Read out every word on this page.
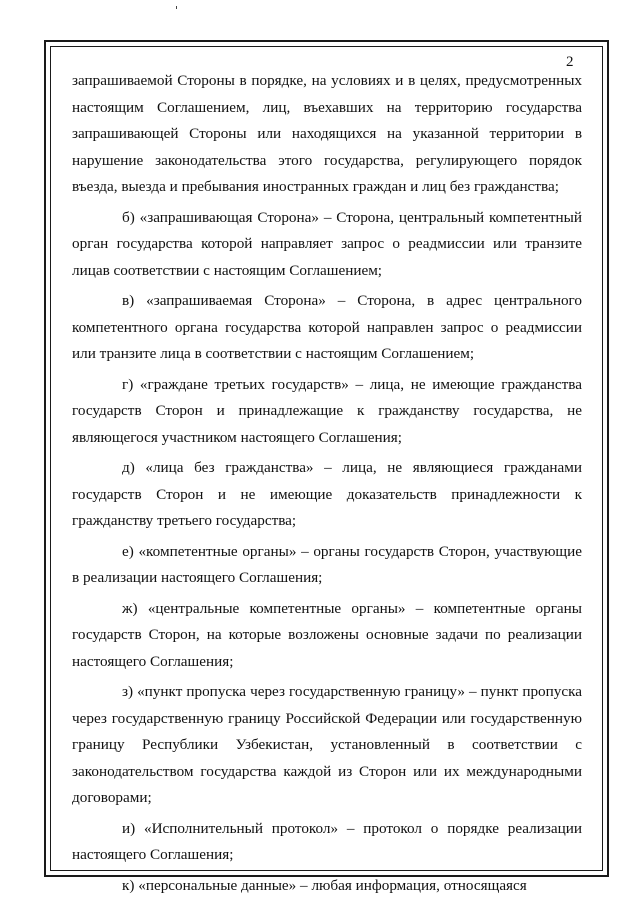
2

запрашиваемой Стороны в порядке, на условиях и в целях, предусмотренных настоящим Соглашением, лиц, въехавших на территорию государства запрашивающей Стороны или находящихся на указанной территории в нарушение законодательства этого государства, регулирующего порядок въезда, выезда и пребывания иностранных граждан и лиц без гражданства;

б) «запрашивающая Сторона» – Сторона, центральный компетентный орган государства которой направляет запрос о реадмиссии или транзите лицав соответствии с настоящим Соглашением;

в) «запрашиваемая Сторона» – Сторона, в адрес центрального компетентного органа государства которой направлен запрос о реадмиссии или транзите лица в соответствии с настоящим Соглашением;

г) «граждане третьих государств» – лица, не имеющие гражданства государств Сторон и принадлежащие к гражданству государства, не являющегося участником настоящего Соглашения;

д) «лица без гражданства» – лица, не являющиеся гражданами государств Сторон и не имеющие доказательств принадлежности к гражданству третьего государства;

е) «компетентные органы» – органы государств Сторон, участвующие в реализации настоящего Соглашения;

ж) «центральные компетентные органы» – компетентные органы государств Сторон, на которые возложены основные задачи по реализации настоящего Соглашения;

з) «пункт пропуска через государственную границу» – пункт пропуска через государственную границу Российской Федерации или государственную границу Республики Узбекистан, установленный в соответствии с законодательством государства каждой из Сторон или их международными договорами;

и) «Исполнительный протокол» – протокол о порядке реализации настоящего Соглашения;

к) «персональные данные» – любая информация, относящаяся
